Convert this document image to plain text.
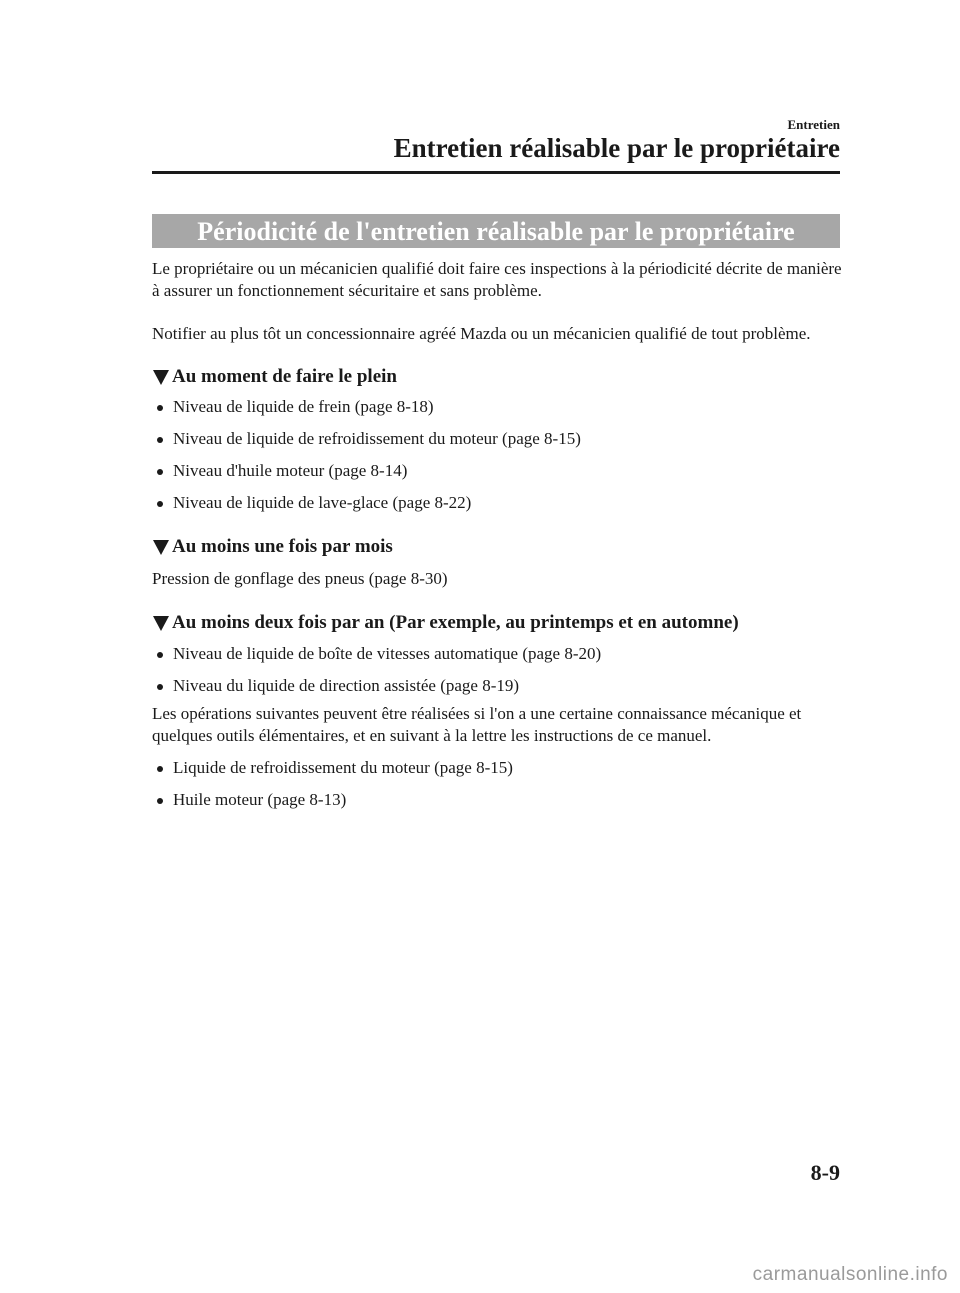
Entretien
Entretien réalisable par le propriétaire
Périodicité de l'entretien réalisable par le propriétaire

Le propriétaire ou un mécanicien qualifié doit faire ces inspections à la périodicité décrite de manière à assurer un fonctionnement sécuritaire et sans problème.

Notifier au plus tôt un concessionnaire agréé Mazda ou un mécanicien qualifié de tout problème.

Au moment de faire le plein
Niveau de liquide de frein (page 8-18)
Niveau de liquide de refroidissement du moteur (page 8-15)
Niveau d'huile moteur (page 8-14)
Niveau de liquide de lave-glace (page 8-22)
Au moins une fois par mois

Pression de gonflage des pneus (page 8-30)

Au moins deux fois par an (Par exemple, au printemps et en automne)
Niveau de liquide de boîte de vitesses automatique (page 8-20)
Niveau du liquide de direction assistée (page 8-19)

Les opérations suivantes peuvent être réalisées si l'on a une certaine connaissance mécanique et quelques outils élémentaires, et en suivant à la lettre les instructions de ce manuel.

Liquide de refroidissement du moteur (page 8-15)
Huile moteur (page 8-13)
8-9
carmanualsonline.info
